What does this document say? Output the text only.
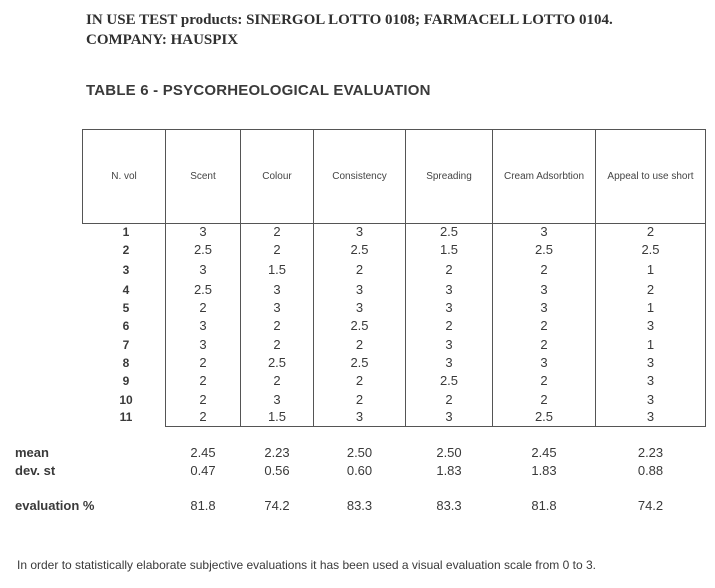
IN USE TEST products: SINERGOL LOTTO 0108; FARMACELL LOTTO 0104.
COMPANY: HAUSPIX
TABLE 6 - PSYCORHEOLOGICAL EVALUATION
N. vol	Scent	Colour	Consistency	Spreading	Cream Adsorbtion	Appeal to use short
1	3	2	3	2.5	3	2
2	2.5	2	2.5	1.5	2.5	2.5
3	3	1.5	2	2	2	1
4	2.5	3	3	3	3	2
5	2	3	3	3	3	1
6	3	2	2.5	2	2	3
7	3	2	2	3	2	1
8	2	2.5	2.5	3	3	3
9	2	2	2	2.5	2	3
10	2	3	2	2	2	3
11	2	1.5	3	3	2.5	3
mean	2.45	2.23	2.50	2.50	2.45	2.23
dev. st	0.47	0.56	0.60	1.83	1.83	0.88
evaluation %	81.8	74.2	83.3	83.3	81.8	74.2
In order to statistically elaborate subjective evaluations it has been used a visual evaluation scale from 0 to 3.
